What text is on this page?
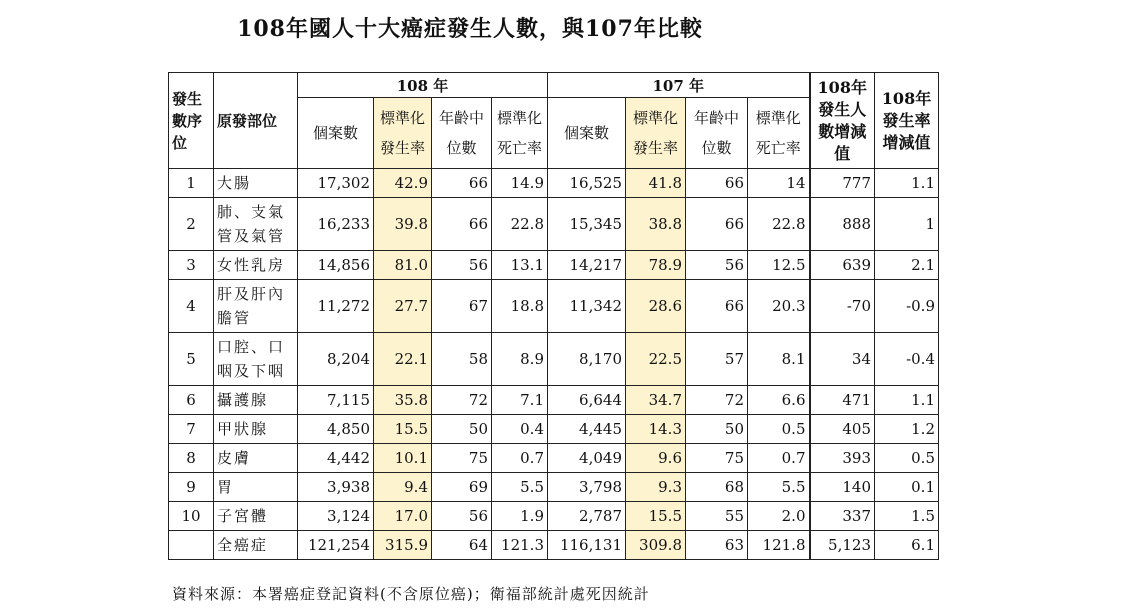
108年國人十大癌症發生人數，與107年比較
發生數序位	原發部位	108 年				107 年				108年發生人數增減值	108年發生率增減值
		個案數	標準化發生率	年齡中位數	標準化死亡率	個案數	標準化發生率	年齡中位數	標準化死亡率		
1	大腸	17,302	42.9	66	14.9	16,525	41.8	66	14	777	1.1
2	肺、支氣管及氣管	16,233	39.8	66	22.8	15,345	38.8	66	22.8	888	1
3	女性乳房	14,856	81.0	56	13.1	14,217	78.9	56	12.5	639	2.1
4	肝及肝內膽管	11,272	27.7	67	18.8	11,342	28.6	66	20.3	-70	-0.9
5	口腔、口咽及下咽	8,204	22.1	58	8.9	8,170	22.5	57	8.1	34	-0.4
6	攝護腺	7,115	35.8	72	7.1	6,644	34.7	72	6.6	471	1.1
7	甲狀腺	4,850	15.5	50	0.4	4,445	14.3	50	0.5	405	1.2
8	皮膚	4,442	10.1	75	0.7	4,049	9.6	75	0.7	393	0.5
9	胃	3,938	9.4	69	5.5	3,798	9.3	68	5.5	140	0.1
10	子宮體	3,124	17.0	56	1.9	2,787	15.5	55	2.0	337	1.5
	全癌症	121,254	315.9	64	121.3	116,131	309.8	63	121.8	5,123	6.1
資料來源：本署癌症登記資料(不含原位癌)；衛福部統計處死因統計
